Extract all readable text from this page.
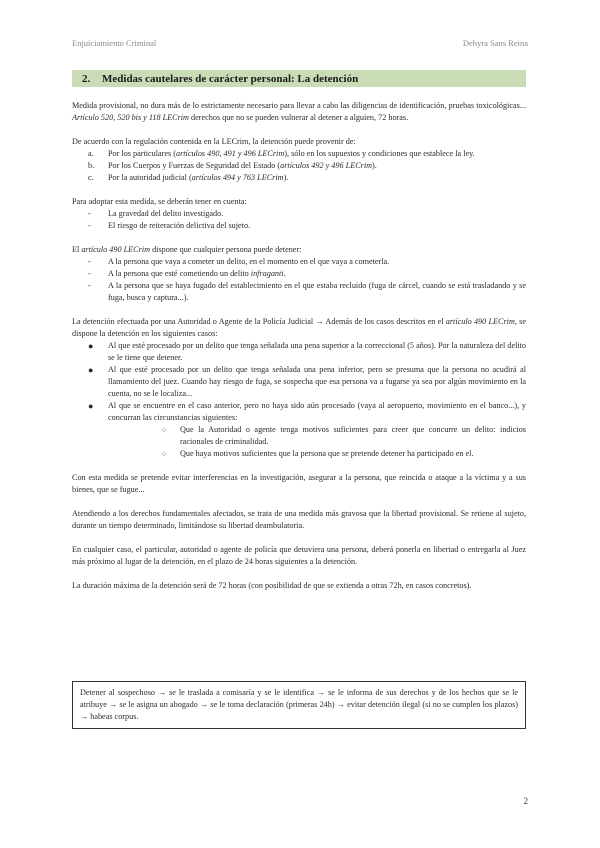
Enjuiciamiento Criminal	Dehyra Sans Reina
2.	Medidas cautelares de carácter personal: La detención

Medida provisional, no dura más de lo estrictamente necesario para llevar a cabo las diligencias de identificación, pruebas toxicológicas... Artículo 520, 520 bis y 118 LECrim derechos que no se pueden vulnerar al detener a alguien, 72 horas.

De acuerdo con la regulación contenida en la LECrim, la detención puede provenir de:

a. Por los particulares (artículos 490, 491 y 496 LECrim), sólo en los supuestos y condiciones que establece la ley.
b. Por los Cuerpos y Fuerzas de Seguridad del Estado (artículos 492 y 496 LECrim).
c. Por la autoridad judicial (artículos 494 y 763 LECrim).

Para adoptar esta medida, se deberán tener en cuenta:

- La gravedad del delito investigado.
- El riesgo de reiteración delictiva del sujeto.

El artículo 490 LECrim dispone que cualquier persona puede detener:

- A la persona que vaya a cometer un delito, en el momento en el que vaya a cometerla.
- A la persona que esté cometiendo un delito infraganti.
- A la persona que se haya fugado del establecimiento en el que estaba recluido (fuga de cárcel, cuando se está trasladando y se fuga, busca y captura...).

La detención efectuada por una Autoridad o Agente de la Policía Judicial → Además de los casos descritos en el artículo 490 LECrim, se dispone la detención en los siguientes casos:

● Al que esté procesado por un delito que tenga señalada una pena superior a la correccional (5 años). Por la naturaleza del delito se le tiene que detener.
● Al que esté procesado por un delito que tenga señalada una pena inferior, pero se presuma que la persona no acudirá al llamamiento del juez. Cuando hay riesgo de fuga, se sospecha que esa persona va a fugarse ya sea por algún movimiento en la cuenta, no se le localiza...
● Al que se encuentre en el caso anterior, pero no haya sido aún procesado (vaya al aeropuerto, movimiento en el banco...), y concurran las circunstancias siguientes:
○ Que la Autoridad o agente tenga motivos suficientes para creer que concurre un delito: indicios racionales de criminalidad.
○ Que haya motivos suficientes que la persona que se pretende detener ha participado en el.

Con esta medida se pretende evitar interferencias en la investigación, asegurar a la persona, que reincida o ataque a la víctima y a sus bienes, que se fugue...

Atendiendo a los derechos fundamentales afectados, se trata de una medida más gravosa que la libertad provisional. Se retiene al sujeto, durante un tiempo determinado, limitándose su libertad deambulatoria.

En cualquier caso, el particular, autoridad o agente de policía que detuviera una persona, deberá ponerla en libertad o entregarla al Juez más próximo al lugar de la detención, en el plazo de 24 horas siguientes a la detención.

La duración máxima de la detención será de 72 horas (con posibilidad de que se extienda a otras 72h, en casos concretos).

Detener al sospechoso → se le traslada a comisaría y se le identifica → se le informa de sus derechos y de los hechos que se le atribuye → se le asigna un abogado → se le toma declaración (primeras 24h) → evitar detención ilegal (si no se cumplen los plazos) → habeas corpus.
2
